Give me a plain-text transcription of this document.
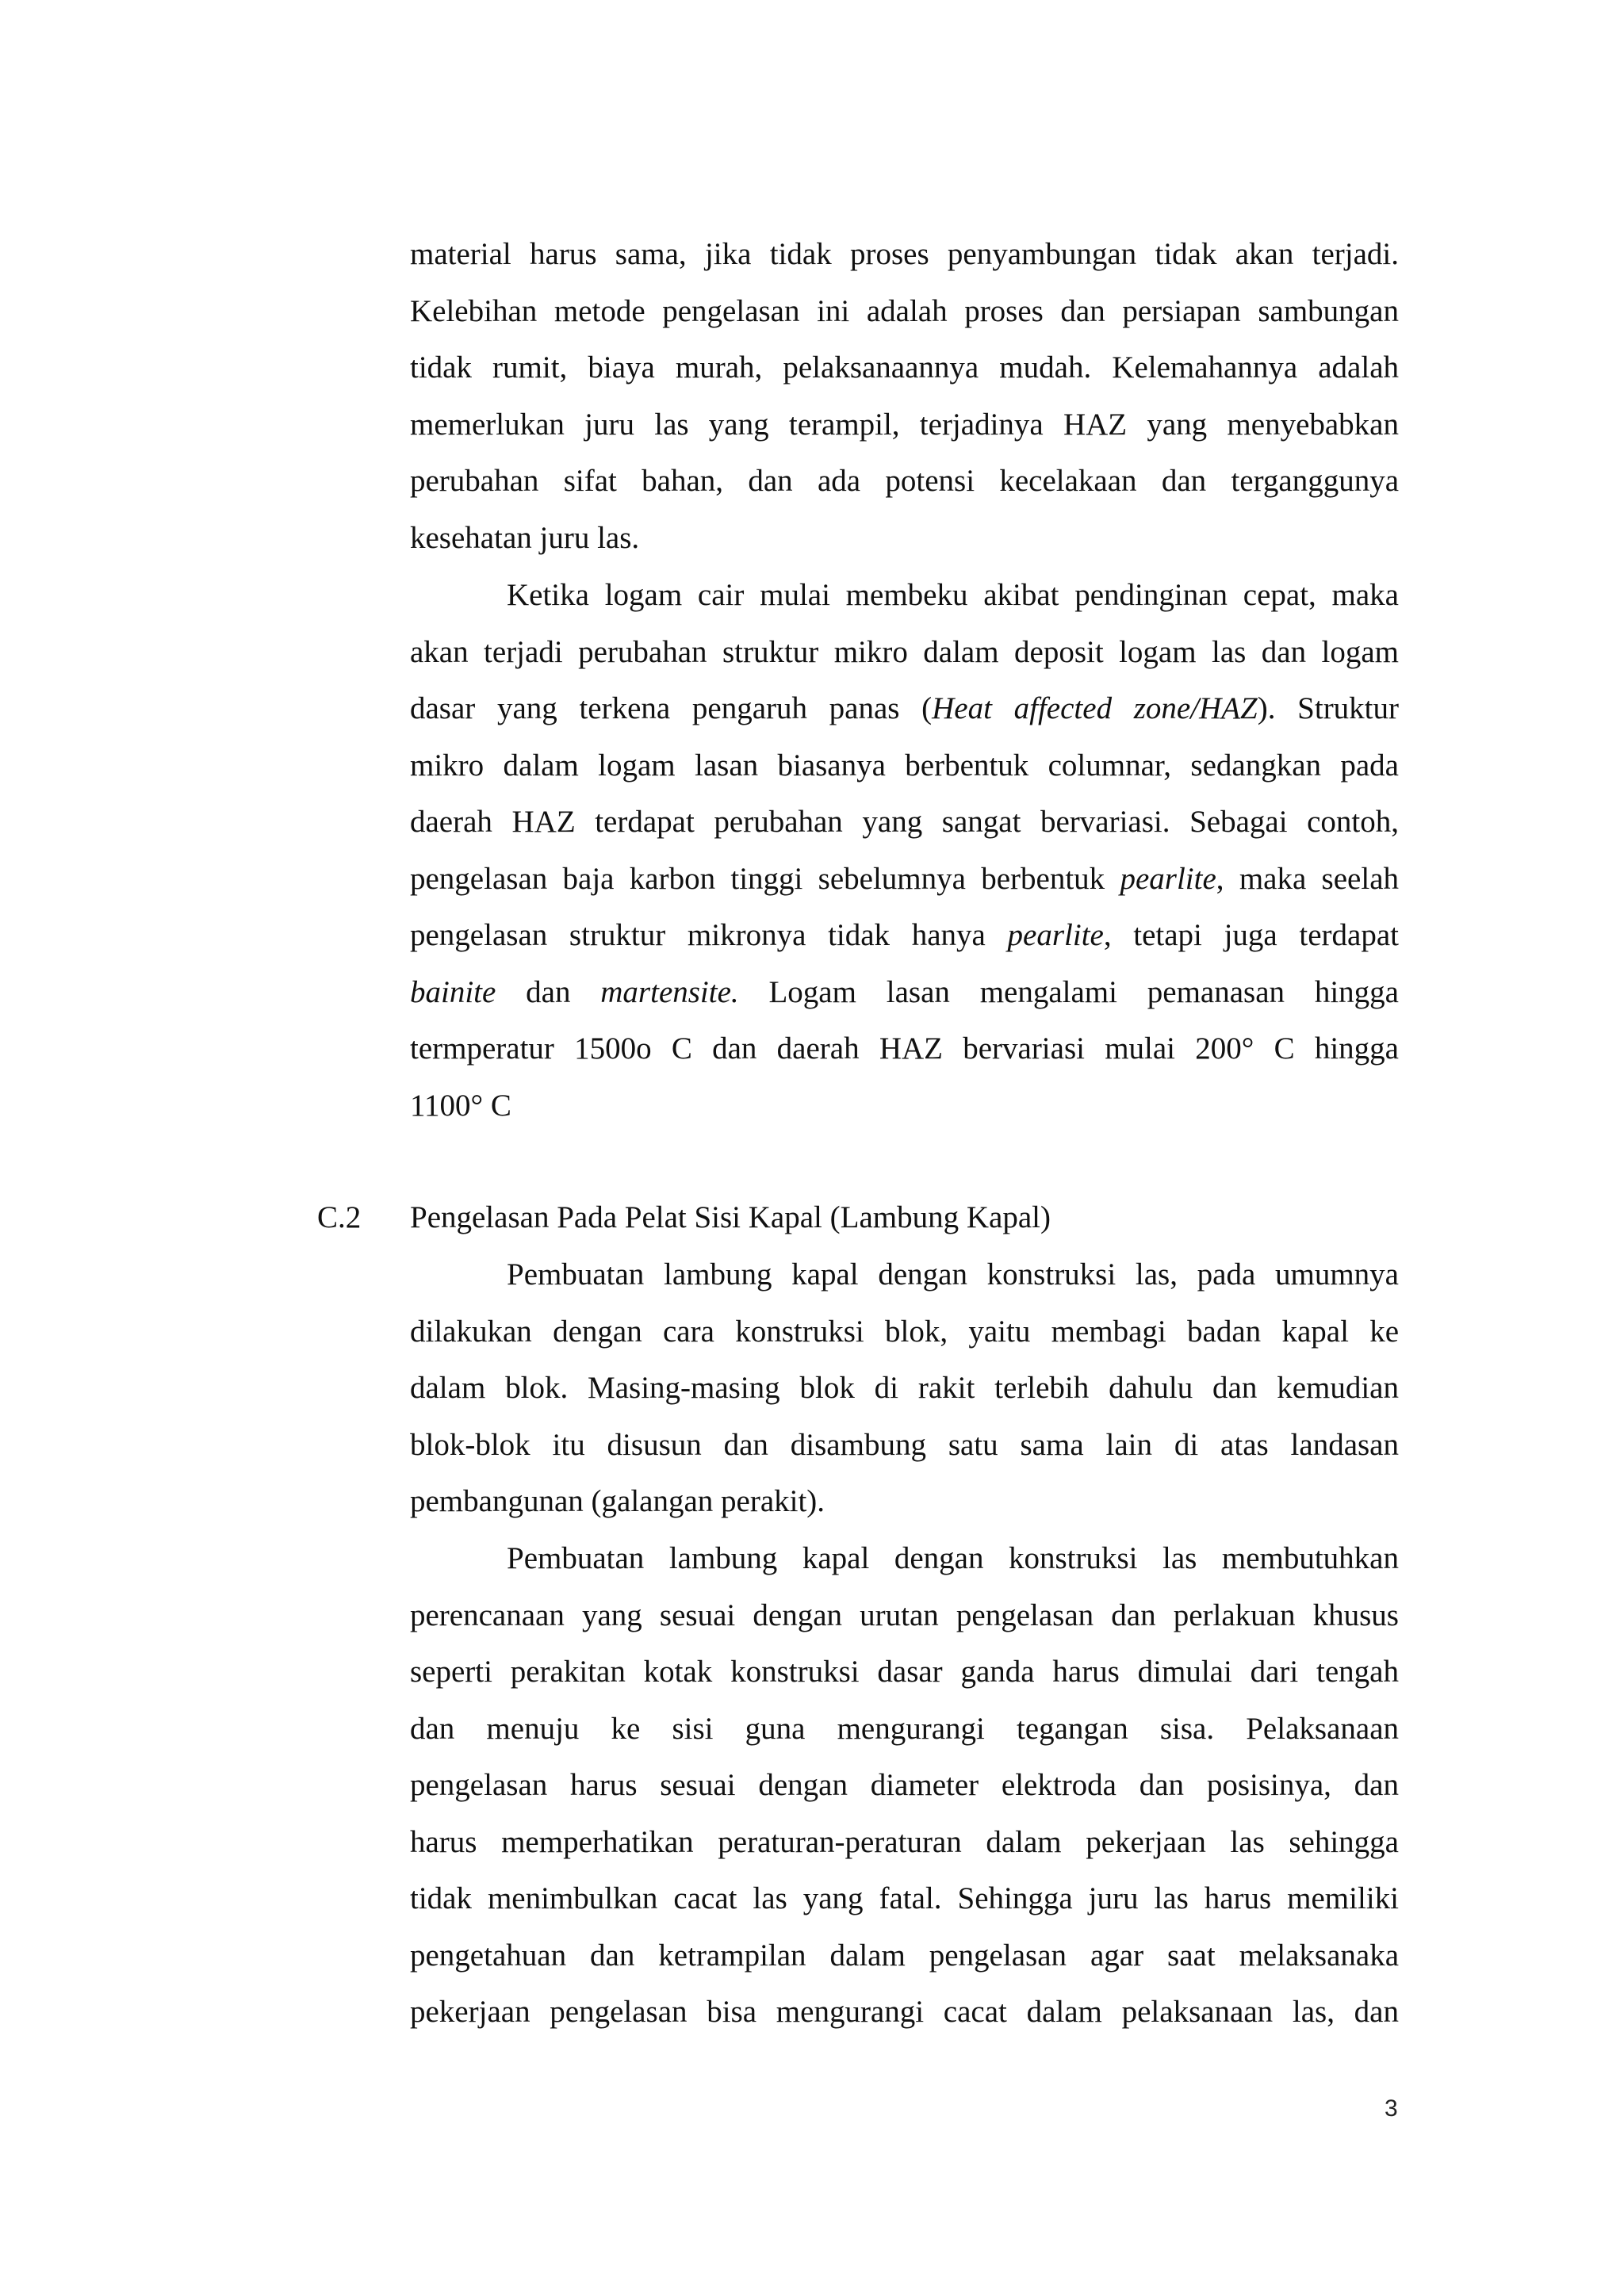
material harus sama, jika tidak proses penyambungan tidak akan terjadi.
Kelebihan metode pengelasan ini adalah proses dan persiapan sambungan
tidak rumit, biaya murah, pelaksanaannya mudah. Kelemahannya adalah
memerlukan juru las yang terampil, terjadinya HAZ yang menyebabkan
perubahan sifat bahan, dan ada potensi kecelakaan dan terganggunya
kesehatan juru las.
Ketika logam cair mulai membeku akibat pendinginan cepat, maka
akan terjadi perubahan struktur mikro dalam deposit logam las dan logam
dasar yang terkena pengaruh panas (Heat affected zone/HAZ). Struktur
mikro dalam logam lasan biasanya berbentuk columnar, sedangkan pada
daerah HAZ terdapat perubahan yang sangat bervariasi. Sebagai contoh,
pengelasan baja karbon tinggi sebelumnya berbentuk pearlite, maka seelah
pengelasan struktur mikronya tidak hanya pearlite, tetapi juga terdapat
bainite dan martensite. Logam lasan mengalami pemanasan hingga
termperatur 1500o C dan daerah HAZ bervariasi mulai 200° C hingga
1100° C
C.2 Pengelasan Pada Pelat Sisi Kapal (Lambung Kapal)
Pembuatan lambung kapal dengan konstruksi las, pada umumnya
dilakukan dengan cara konstruksi blok, yaitu membagi badan kapal ke
dalam blok. Masing-masing blok di rakit terlebih dahulu dan kemudian
blok-blok itu disusun dan disambung satu sama lain di atas landasan
pembangunan (galangan perakit).
Pembuatan lambung kapal dengan konstruksi las membutuhkan
perencanaan yang sesuai dengan urutan pengelasan dan perlakuan khusus
seperti perakitan kotak konstruksi dasar ganda harus dimulai dari tengah
dan menuju ke sisi guna mengurangi tegangan sisa. Pelaksanaan
pengelasan harus sesuai dengan diameter elektroda dan posisinya, dan
harus memperhatikan peraturan-peraturan dalam pekerjaan las sehingga
tidak menimbulkan cacat las yang fatal. Sehingga juru las harus memiliki
pengetahuan dan ketrampilan dalam pengelasan agar saat melaksanaka
pekerjaan pengelasan bisa mengurangi cacat dalam pelaksanaan las, dan
3
